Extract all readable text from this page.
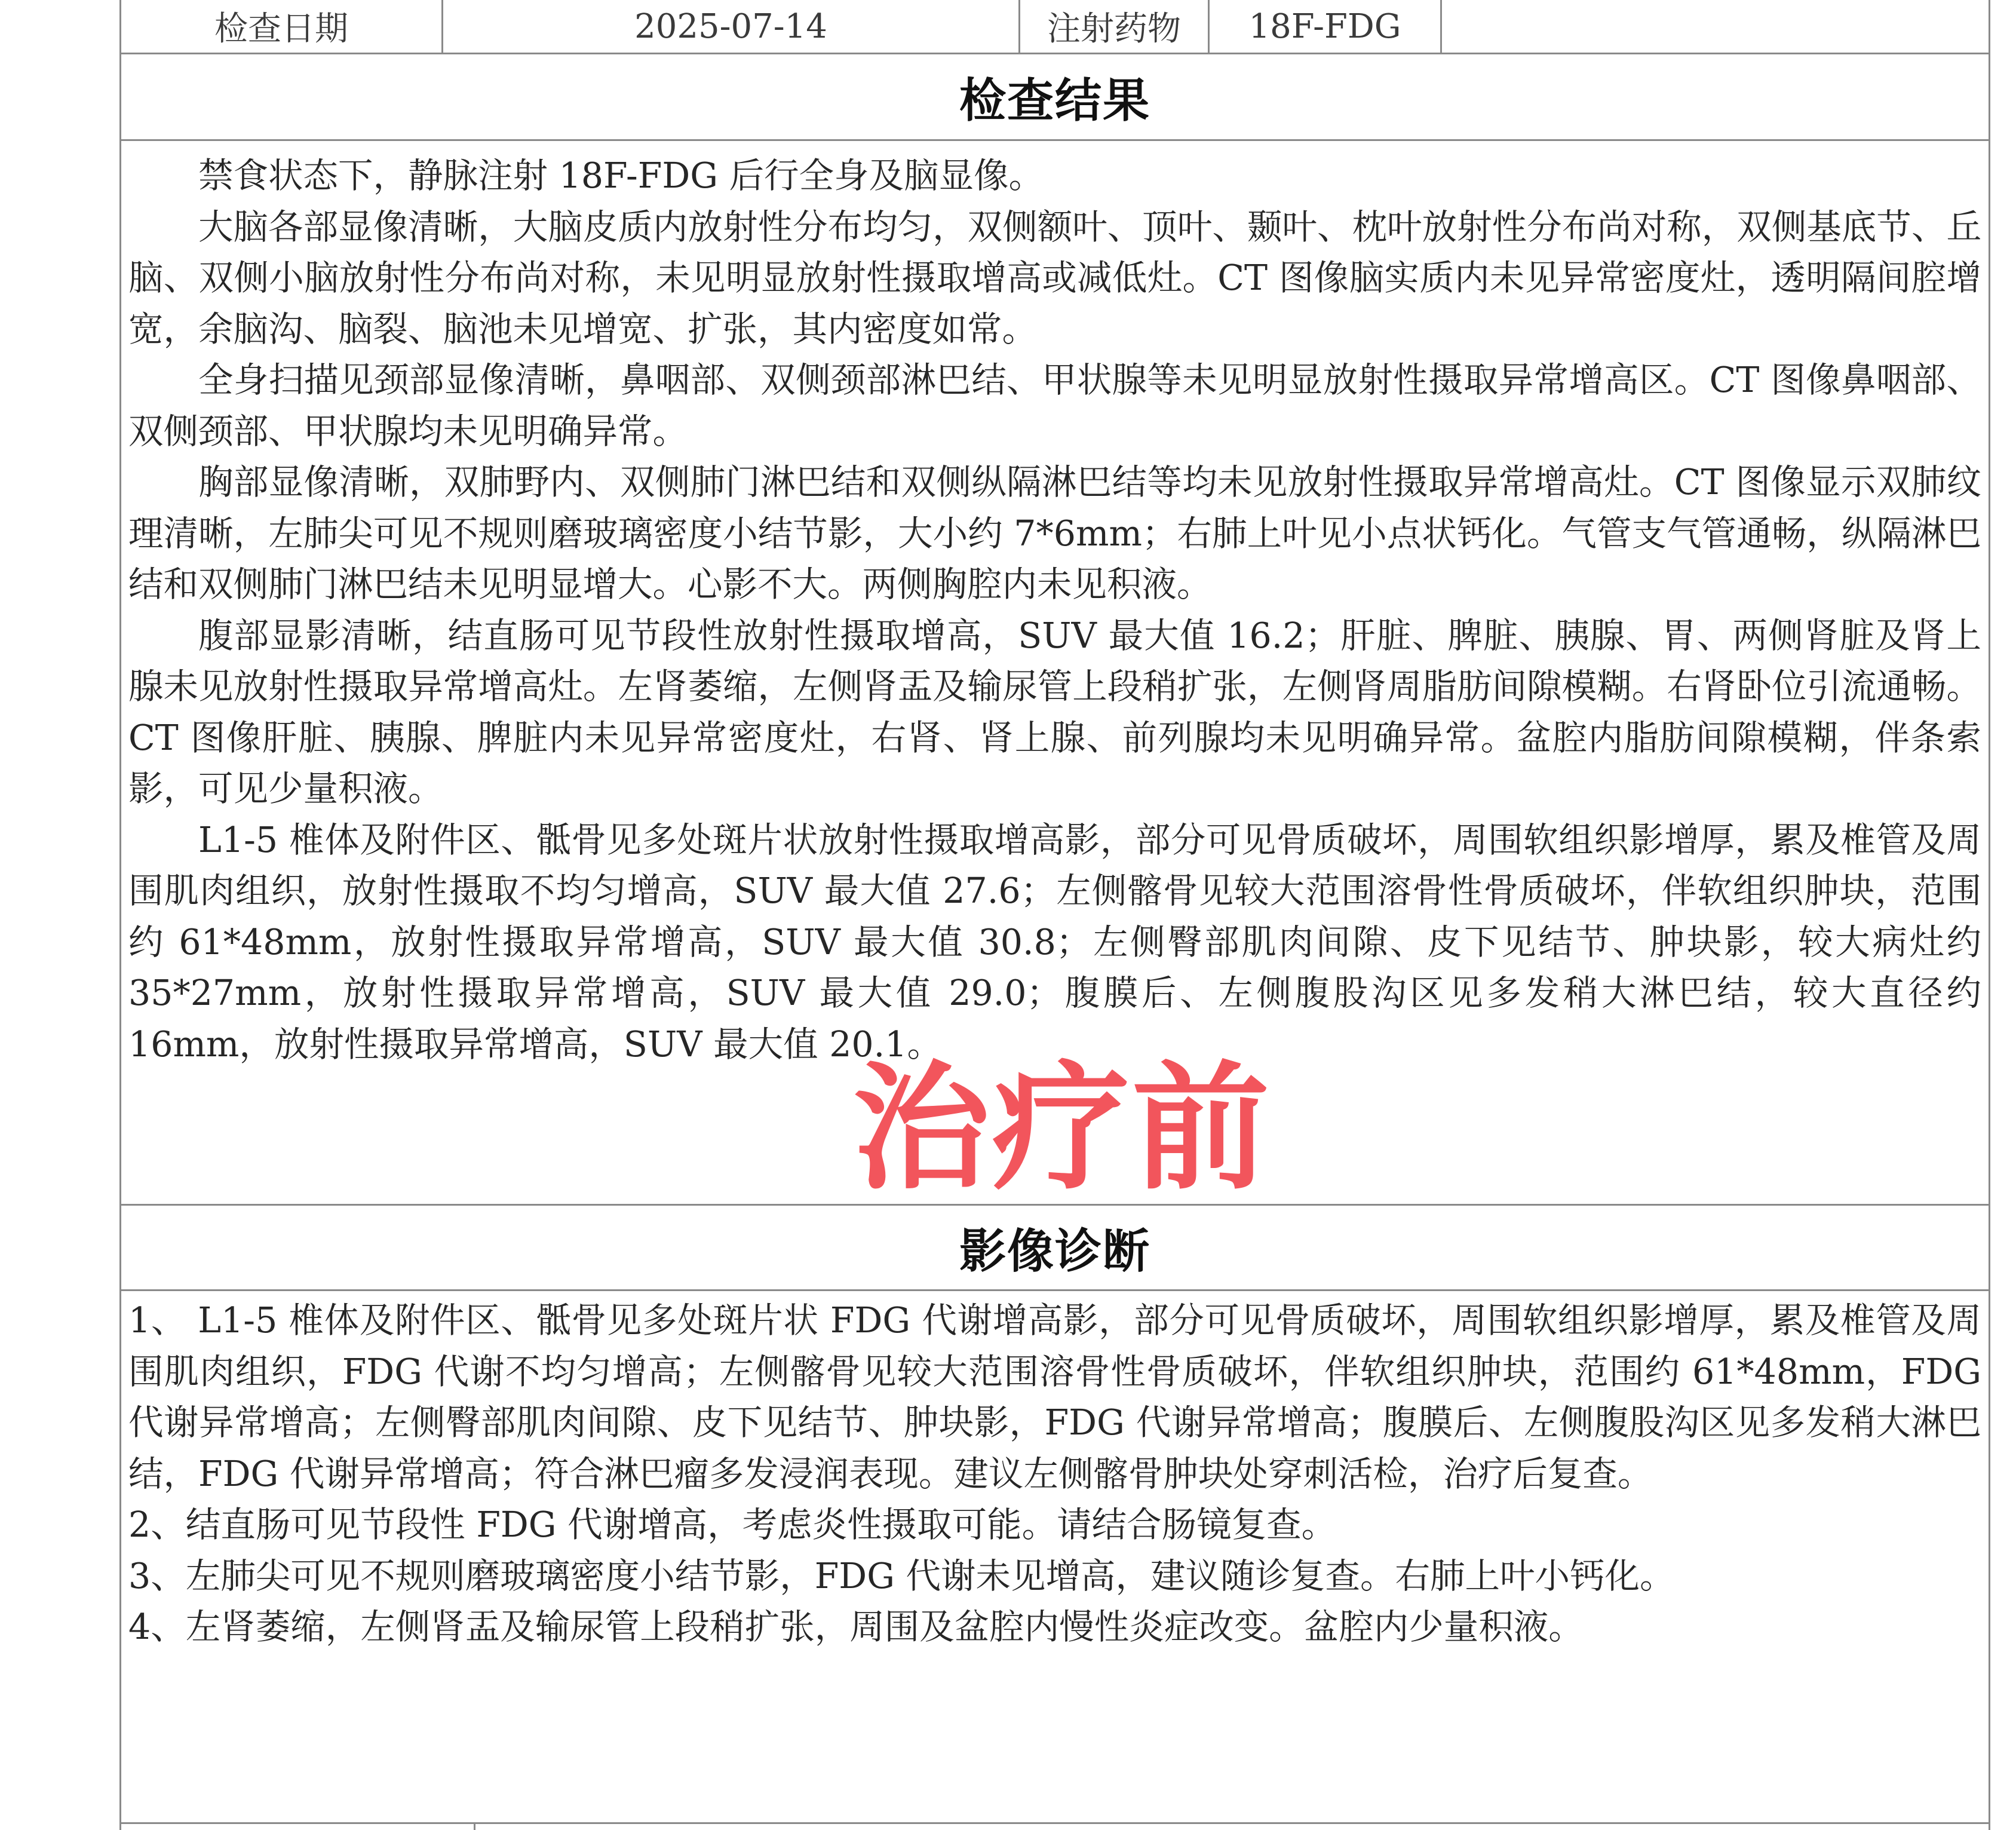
检查日期	2025-07-14	注射药物	18F-FDG
检查结果

禁食状态下，静脉注射 18F-FDG 后行全身及脑显像。

大脑各部显像清晰，大脑皮质内放射性分布均匀，双侧额叶、顶叶、颞叶、枕叶放射性分布尚对称，双侧基底节、丘脑、双侧小脑放射性分布尚对称，未见明显放射性摄取增高或减低灶。CT 图像脑实质内未见异常密度灶，透明隔间腔增宽，余脑沟、脑裂、脑池未见增宽、扩张，其内密度如常。

全身扫描见颈部显像清晰，鼻咽部、双侧颈部淋巴结、甲状腺等未见明显放射性摄取异常增高区。CT 图像鼻咽部、双侧颈部、甲状腺均未见明确异常。

胸部显像清晰，双肺野内、双侧肺门淋巴结和双侧纵隔淋巴结等均未见放射性摄取异常增高灶。CT 图像显示双肺纹理清晰，左肺尖可见不规则磨玻璃密度小结节影，大小约 7*6mm；右肺上叶见小点状钙化。气管支气管通畅，纵隔淋巴结和双侧肺门淋巴结未见明显增大。心影不大。两侧胸腔内未见积液。

腹部显影清晰，结直肠可见节段性放射性摄取增高，SUV 最大值 16.2；肝脏、脾脏、胰腺、胃、两侧肾脏及肾上腺未见放射性摄取异常增高灶。左肾萎缩，左侧肾盂及输尿管上段稍扩张，左侧肾周脂肪间隙模糊。右肾卧位引流通畅。CT 图像肝脏、胰腺、脾脏内未见异常密度灶，右肾、肾上腺、前列腺均未见明确异常。盆腔内脂肪间隙模糊，伴条索影，可见少量积液。

L1-5 椎体及附件区、骶骨见多处斑片状放射性摄取增高影，部分可见骨质破坏，周围软组织影增厚，累及椎管及周围肌肉组织，放射性摄取不均匀增高，SUV 最大值 27.6；左侧髂骨见较大范围溶骨性骨质破坏，伴软组织肿块，范围约 61*48mm，放射性摄取异常增高，SUV 最大值 30.8；左侧臀部肌肉间隙、皮下见结节、肿块影，较大病灶约 35*27mm，放射性摄取异常增高，SUV 最大值 29.0；腹膜后、左侧腹股沟区见多发稍大淋巴结，较大直径约 16mm，放射性摄取异常增高，SUV 最大值 20.1。

治疗前
影像诊断

1、 L1-5 椎体及附件区、骶骨见多处斑片状 FDG 代谢增高影，部分可见骨质破坏，周围软组织影增厚，累及椎管及周围肌肉组织，FDG 代谢不均匀增高；左侧髂骨见较大范围溶骨性骨质破坏，伴软组织肿块，范围约 61*48mm，FDG 代谢异常增高；左侧臀部肌肉间隙、皮下见结节、肿块影，FDG 代谢异常增高；腹膜后、左侧腹股沟区见多发稍大淋巴结，FDG 代谢异常增高；符合淋巴瘤多发浸润表现。建议左侧髂骨肿块处穿刺活检，治疗后复查。

2、结直肠可见节段性 FDG 代谢增高，考虑炎性摄取可能。请结合肠镜复查。

3、左肺尖可见不规则磨玻璃密度小结节影，FDG 代谢未见增高，建议随诊复查。右肺上叶小钙化。

4、左肾萎缩，左侧肾盂及输尿管上段稍扩张，周围及盆腔内慢性炎症改变。盆腔内少量积液。
